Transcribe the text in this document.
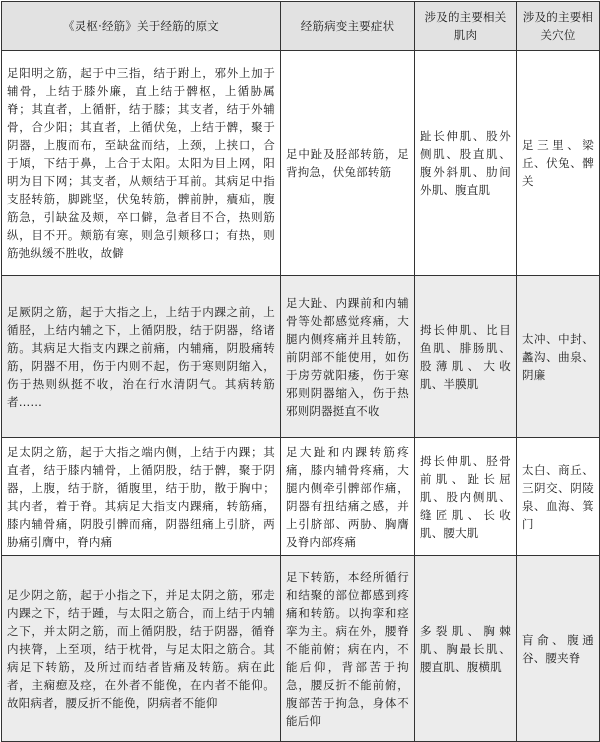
《灵枢·经筋》关于经筋的原文	经筋病变主要症状	涉及的主要相关肌肉	涉及的主要相关穴位

足阳明之筋，起于中三指，结于跗上，邪外上加于辅骨，上结于膝外廉，直上结于髀枢，上循胁属脊；其直者，上循骭，结于膝；其支者，结于外辅骨，合少阳；其直者，上循伏兔，上结于髀，聚于阴器，上腹而布，至缺盆而结，上颈，上挟口，合于頄，下结于鼻，上合于太阳。太阳为目上网，阳明为目下网；其支者，从颊结于耳前。其病足中指支胫转筋，脚跳坚，伏兔转筋，髀前肿，㿉疝，腹筋急，引缺盆及颊，卒口僻，急者目不合，热则筋纵，目不开。颊筋有寒，则急引颊移口；有热，则筋弛纵缓不胜收，故僻	足中趾及胫部转筋，足背拘急，伏兔部转筋	趾长伸肌、股外侧肌、股直肌、腹外斜肌、肋间外肌、腹直肌	足三里、梁丘、伏兔、髀关

足厥阴之筋，起于大指之上，上结于内踝之前，上循胫，上结内辅之下，上循阴股，结于阴器，络诸筋。其病足大指支内踝之前痛，内辅痛，阴股痛转筋，阴器不用，伤于内则不起，伤于寒则阴缩入，伤于热则纵挺不收，治在行水清阴气。其病转筋者……	足大趾、内踝前和内辅骨等处都感觉疼痛，大腿内侧疼痛并且转筋，前阴部不能使用，如伤于房劳就阳痿，伤于寒邪则阴器缩入，伤于热邪则阴器挺直不收	拇长伸肌、比目鱼肌、腓肠肌、股薄肌、大收肌、半膜肌	太冲、中封、蠡沟、曲泉、阴廉

足太阴之筋，起于大指之端内侧，上结于内踝；其直者，结于膝内辅骨，上循阴股，结于髀，聚于阴器，上腹，结于脐，循腹里，结于肋，散于胸中；其内者，着于脊。其病足大指支内踝痛，转筋痛，膝内辅骨痛，阴股引髀而痛，阴器纽痛上引脐，两胁痛引膺中，脊内痛	足大趾和内踝转筋疼痛，膝内辅骨疼痛，大腿内侧牵引髀部作痛，阴器有扭结痛之感，并上引脐部、两胁、胸膺及脊内部疼痛	拇长伸肌、胫骨前肌、趾长屈肌、股内侧肌、缝匠肌、长收肌、腰大肌	太白、商丘、三阴交、阴陵泉、血海、箕门

足少阴之筋，起于小指之下，并足太阴之筋，邪走内踝之下，结于踵，与太阳之筋合，而上结于内辅之下，并太阴之筋，而上循阴股，结于阴器，循脊内挟膂，上至项，结于枕骨，与足太阳之筋合。其病足下转筋，及所过而结者皆痛及转筋。病在此者，主痫瘛及痉，在外者不能俛，在内者不能仰。故阳病者，腰反折不能俛，阴病者不能仰	足下转筋，本经所循行和结聚的部位都感到疼痛和转筋。以拘挛和痉挛为主。病在外，腰脊不能前俯；病在内，不能后仰，背部苦于拘急，腰反折不能前俯，腹部苦于拘急，身体不能后仰	多裂肌、胸棘肌、胸最长肌、腰直肌、腹横肌	肓俞、腹通谷、腰夹脊
